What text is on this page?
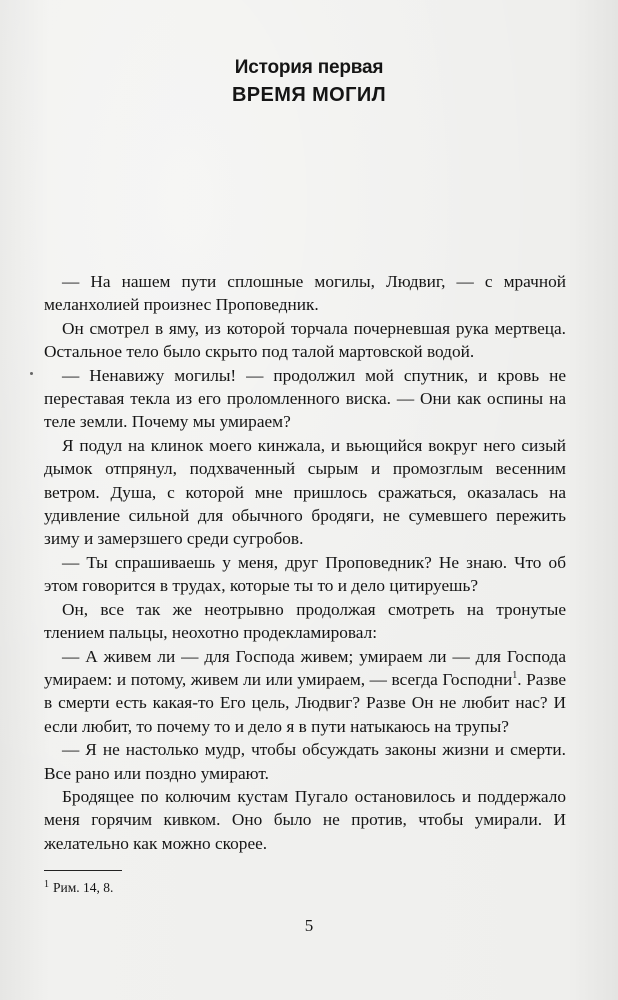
История первая
ВРЕМЯ МОГИЛ

— На нашем пути сплошные могилы, Людвиг, — с мрачной меланхолией произнес Проповедник.

Он смотрел в яму, из которой торчала почерневшая рука мертвеца. Остальное тело было скрыто под талой мартовской водой.

— Ненавижу могилы! — продолжил мой спутник, и кровь не переставая текла из его проломленного виска. — Они как оспины на теле земли. Почему мы умираем?

Я подул на клинок моего кинжала, и вьющийся вокруг него сизый дымок отпрянул, подхваченный сырым и промозглым весенним ветром. Душа, с которой мне пришлось сражаться, оказалась на удивление сильной для обычного бродяги, не сумевшего пережить зиму и замерзшего среди сугробов.

— Ты спрашиваешь у меня, друг Проповедник? Не знаю. Что об этом говорится в трудах, которые ты то и дело цитируешь?

Он, все так же неотрывно продолжая смотреть на тронутые тлением пальцы, неохотно продекламировал:

— А живем ли — для Господа живем; умираем ли — для Господа умираем: и потому, живем ли или умираем, — всегда Господни$^1$. Разве в смерти есть какая-то Его цель, Людвиг? Разве Он не любит нас? И если любит, то почему то и дело я в пути натыкаюсь на трупы?

— Я не настолько мудр, чтобы обсуждать законы жизни и смерти. Все рано или поздно умирают.

Бродящее по колючим кустам Пугало остановилось и поддержало меня горячим кивком. Оно было не против, чтобы умирали. И желательно как можно скорее.

$^1$ Рим. 14, 8.
5
